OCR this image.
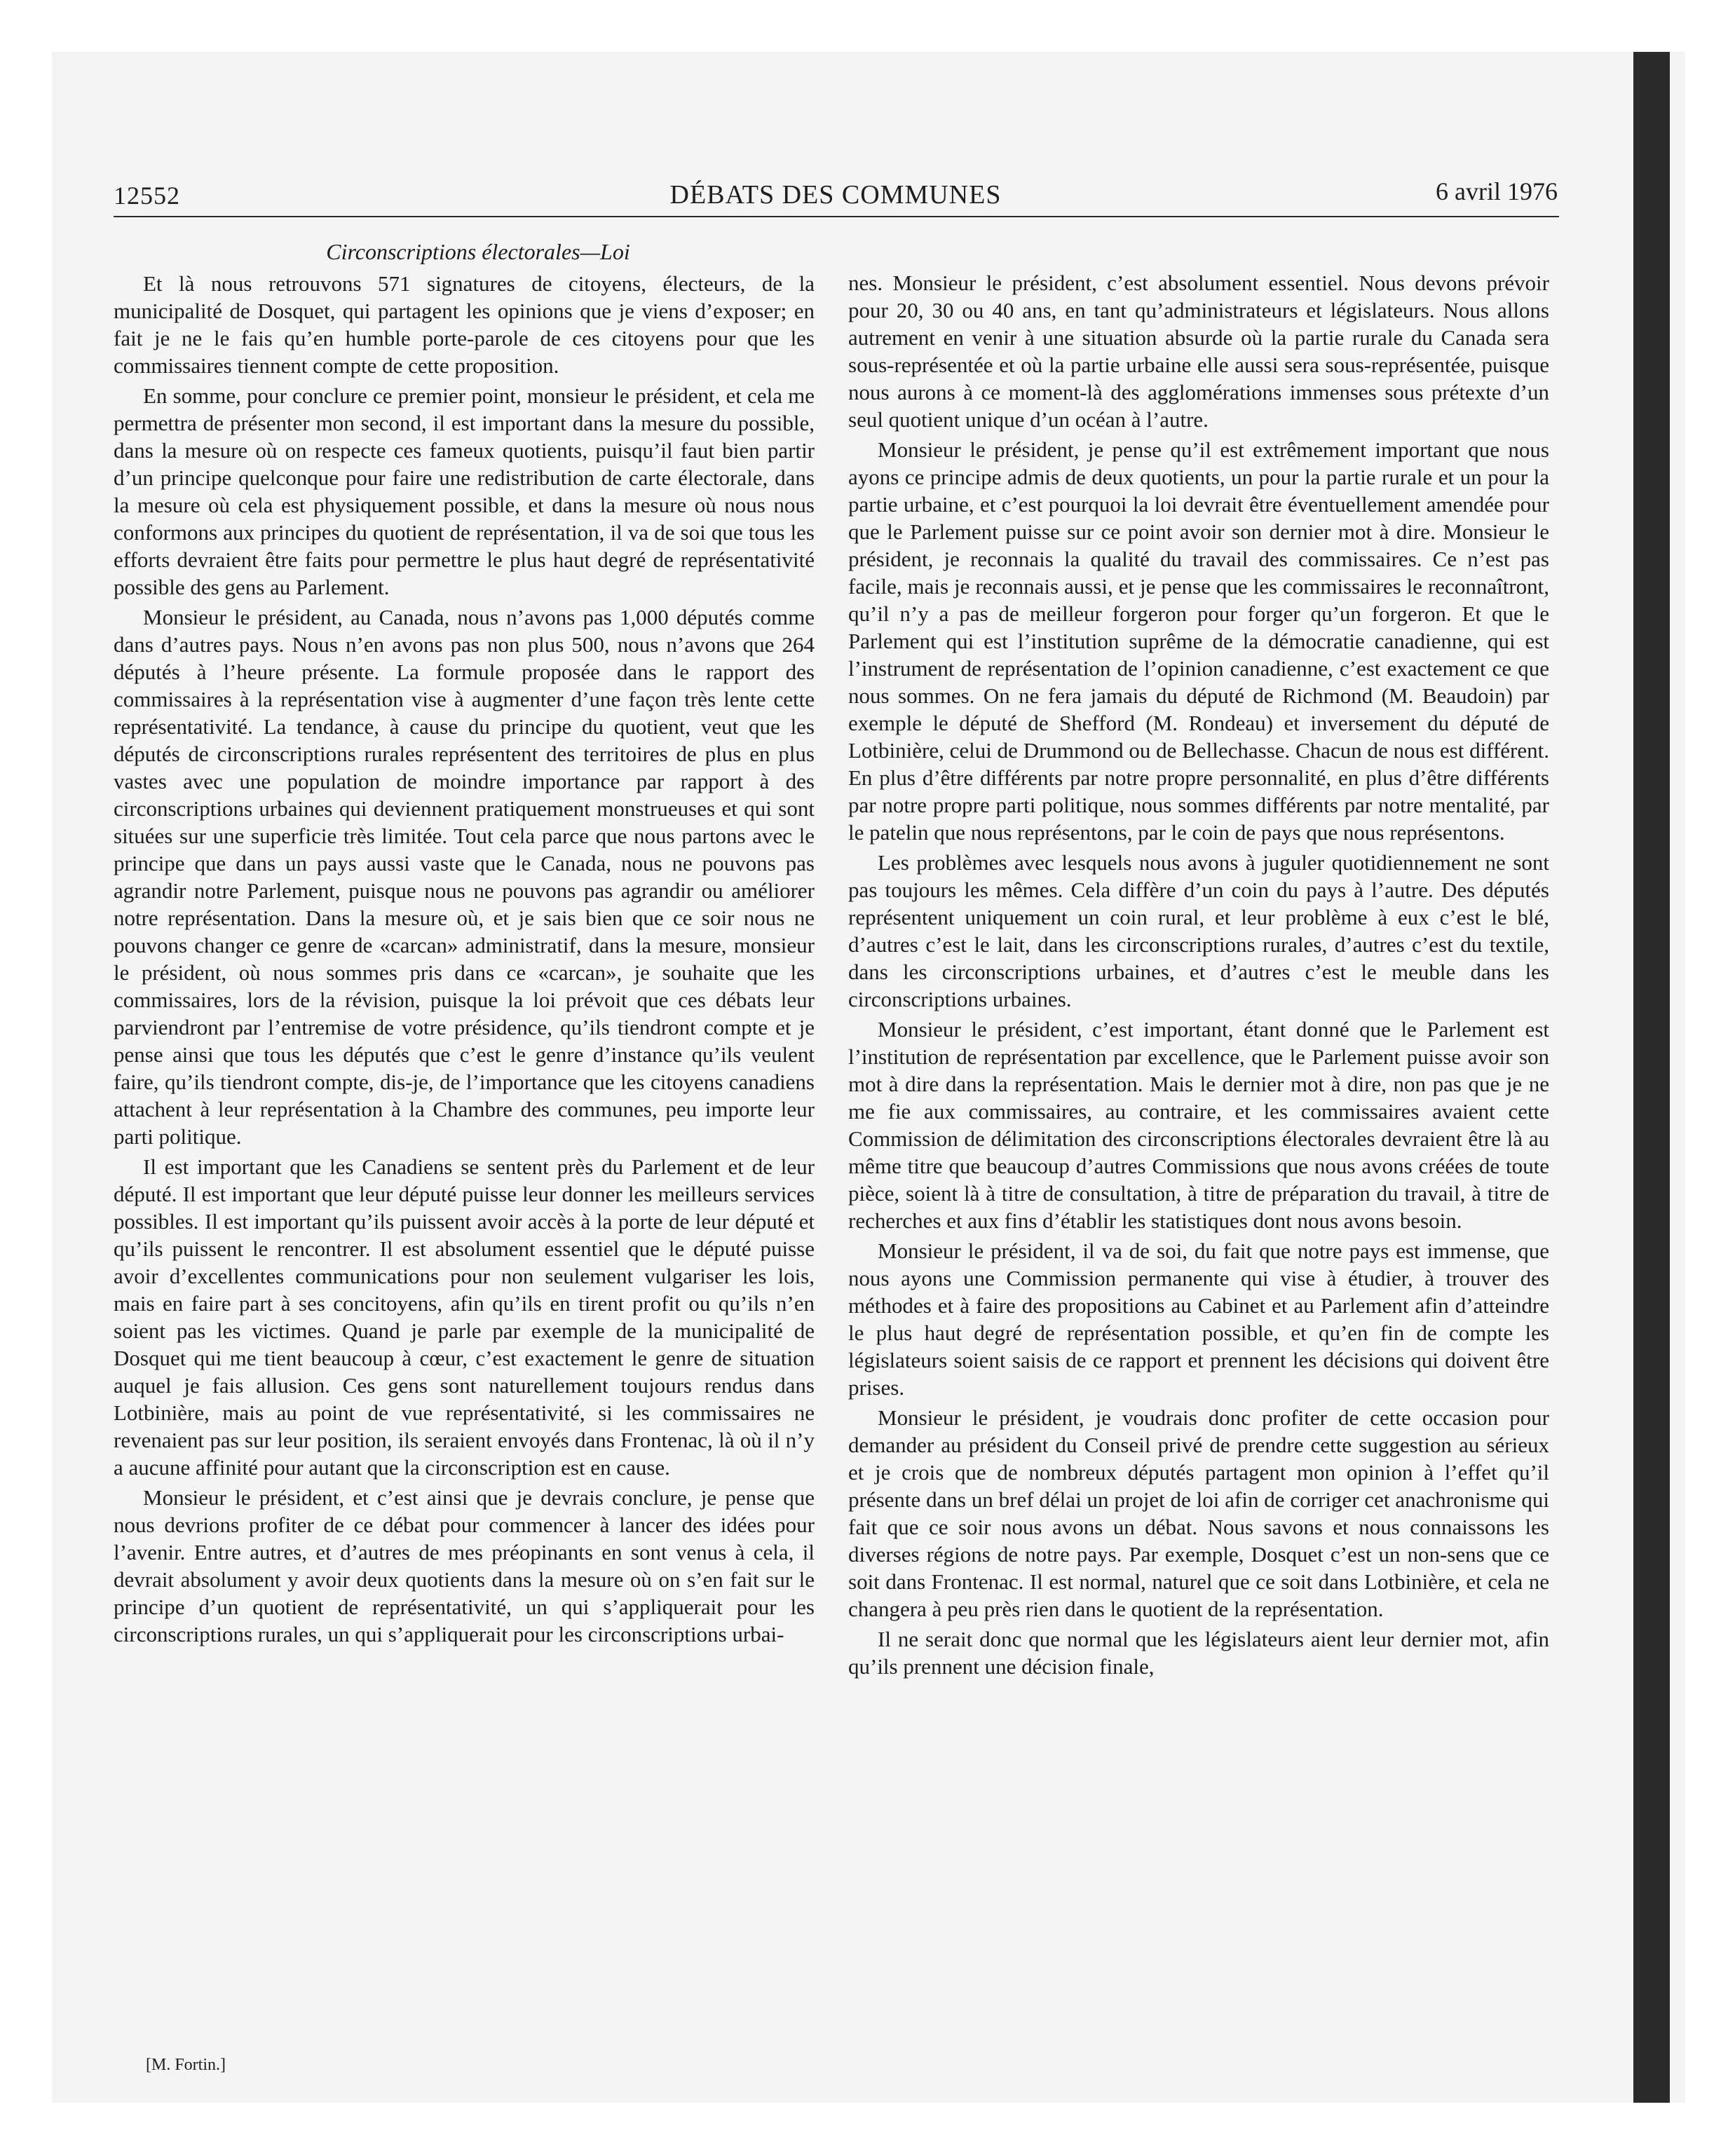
12552	DÉBATS DES COMMUNES	6 avril 1976
Circonscriptions électorales—Loi

Et là nous retrouvons 571 signatures de citoyens, électeurs, de la municipalité de Dosquet, qui partagent les opinions que je viens d’exposer; en fait je ne le fais qu’en humble porte-parole de ces citoyens pour que les commissaires tiennent compte de cette proposition.

En somme, pour conclure ce premier point, monsieur le président, et cela me permettra de présenter mon second, il est important dans la mesure du possible, dans la mesure où on respecte ces fameux quotients, puisqu’il faut bien partir d’un principe quelconque pour faire une redistribution de carte électorale, dans la mesure où cela est physiquement possible, et dans la mesure où nous nous conformons aux principes du quotient de représentation, il va de soi que tous les efforts devraient être faits pour permettre le plus haut degré de représentativité possible des gens au Parlement.

Monsieur le président, au Canada, nous n’avons pas 1,000 députés comme dans d’autres pays. Nous n’en avons pas non plus 500, nous n’avons que 264 députés à l’heure présente. La formule proposée dans le rapport des commissaires à la représentation vise à augmenter d’une façon très lente cette représentativité. La tendance, à cause du principe du quotient, veut que les députés de circonscriptions rurales représentent des territoires de plus en plus vastes avec une population de moindre importance par rapport à des circonscriptions urbaines qui deviennent pratiquement monstrueuses et qui sont situées sur une superficie très limitée. Tout cela parce que nous partons avec le principe que dans un pays aussi vaste que le Canada, nous ne pouvons pas agrandir notre Parlement, puisque nous ne pouvons pas agrandir ou améliorer notre représentation. Dans la mesure où, et je sais bien que ce soir nous ne pouvons changer ce genre de «carcan» administratif, dans la mesure, monsieur le président, où nous sommes pris dans ce «carcan», je souhaite que les commissaires, lors de la révision, puisque la loi prévoit que ces débats leur parviendront par l’entremise de votre présidence, qu’ils tiendront compte et je pense ainsi que tous les députés que c’est le genre d’instance qu’ils veulent faire, qu’ils tiendront compte, dis-je, de l’importance que les citoyens canadiens attachent à leur représentation à la Chambre des communes, peu importe leur parti politique.

Il est important que les Canadiens se sentent près du Parlement et de leur député. Il est important que leur député puisse leur donner les meilleurs services possibles. Il est important qu’ils puissent avoir accès à la porte de leur député et qu’ils puissent le rencontrer. Il est absolument essentiel que le député puisse avoir d’excellentes communications pour non seulement vulgariser les lois, mais en faire part à ses concitoyens, afin qu’ils en tirent profit ou qu’ils n’en soient pas les victimes. Quand je parle par exemple de la municipalité de Dosquet qui me tient beaucoup à cœur, c’est exactement le genre de situation auquel je fais allusion. Ces gens sont naturellement toujours rendus dans Lotbinière, mais au point de vue représentativité, si les commissaires ne revenaient pas sur leur position, ils seraient envoyés dans Frontenac, là où il n’y a aucune affinité pour autant que la circonscription est en cause.

Monsieur le président, et c’est ainsi que je devrais conclure, je pense que nous devrions profiter de ce débat pour commencer à lancer des idées pour l’avenir. Entre autres, et d’autres de mes préopinants en sont venus à cela, il devrait absolument y avoir deux quotients dans la mesure où on s’en fait sur le principe d’un quotient de représentativité, un qui s’appliquerait pour les circonscriptions rurales, un qui s’appliquerait pour les circonscriptions urbai-

[M. Fortin.]

nes. Monsieur le président, c’est absolument essentiel. Nous devons prévoir pour 20, 30 ou 40 ans, en tant qu’administrateurs et législateurs. Nous allons autrement en venir à une situation absurde où la partie rurale du Canada sera sous-représentée et où la partie urbaine elle aussi sera sous-représentée, puisque nous aurons à ce moment-là des agglomérations immenses sous prétexte d’un seul quotient unique d’un océan à l’autre.

Monsieur le président, je pense qu’il est extrêmement important que nous ayons ce principe admis de deux quotients, un pour la partie rurale et un pour la partie urbaine, et c’est pourquoi la loi devrait être éventuellement amendée pour que le Parlement puisse sur ce point avoir son dernier mot à dire. Monsieur le président, je reconnais la qualité du travail des commissaires. Ce n’est pas facile, mais je reconnais aussi, et je pense que les commissaires le reconnaîtront, qu’il n’y a pas de meilleur forgeron pour forger qu’un forgeron. Et que le Parlement qui est l’institution suprême de la démocratie canadienne, qui est l’instrument de représentation de l’opinion canadienne, c’est exactement ce que nous sommes. On ne fera jamais du député de Richmond (M. Beaudoin) par exemple le député de Shefford (M. Rondeau) et inversement du député de Lotbinière, celui de Drummond ou de Bellechasse. Chacun de nous est différent. En plus d’être différents par notre propre personnalité, en plus d’être différents par notre propre parti politique, nous sommes différents par notre mentalité, par le patelin que nous représentons, par le coin de pays que nous représentons.

Les problèmes avec lesquels nous avons à juguler quotidiennement ne sont pas toujours les mêmes. Cela diffère d’un coin du pays à l’autre. Des députés représentent uniquement un coin rural, et leur problème à eux c’est le blé, d’autres c’est le lait, dans les circonscriptions rurales, d’autres c’est du textile, dans les circonscriptions urbaines, et d’autres c’est le meuble dans les circonscriptions urbaines.

Monsieur le président, c’est important, étant donné que le Parlement est l’institution de représentation par excellence, que le Parlement puisse avoir son mot à dire dans la représentation. Mais le dernier mot à dire, non pas que je ne me fie aux commissaires, au contraire, et les commissaires avaient cette Commission de délimitation des circonscriptions électorales devraient être là au même titre que beaucoup d’autres Commissions que nous avons créées de toute pièce, soient là à titre de consultation, à titre de préparation du travail, à titre de recherches et aux fins d’établir les statistiques dont nous avons besoin.

Monsieur le président, il va de soi, du fait que notre pays est immense, que nous ayons une Commission permanente qui vise à étudier, à trouver des méthodes et à faire des propositions au Cabinet et au Parlement afin d’atteindre le plus haut degré de représentation possible, et qu’en fin de compte les législateurs soient saisis de ce rapport et prennent les décisions qui doivent être prises.

Monsieur le président, je voudrais donc profiter de cette occasion pour demander au président du Conseil privé de prendre cette suggestion au sérieux et je crois que de nombreux députés partagent mon opinion à l’effet qu’il présente dans un bref délai un projet de loi afin de corriger cet anachronisme qui fait que ce soir nous avons un débat. Nous savons et nous connaissons les diverses régions de notre pays. Par exemple, Dosquet c’est un non-sens que ce soit dans Frontenac. Il est normal, naturel que ce soit dans Lotbinière, et cela ne changera à peu près rien dans le quotient de la représentation.

Il ne serait donc que normal que les législateurs aient leur dernier mot, afin qu’ils prennent une décision finale,
